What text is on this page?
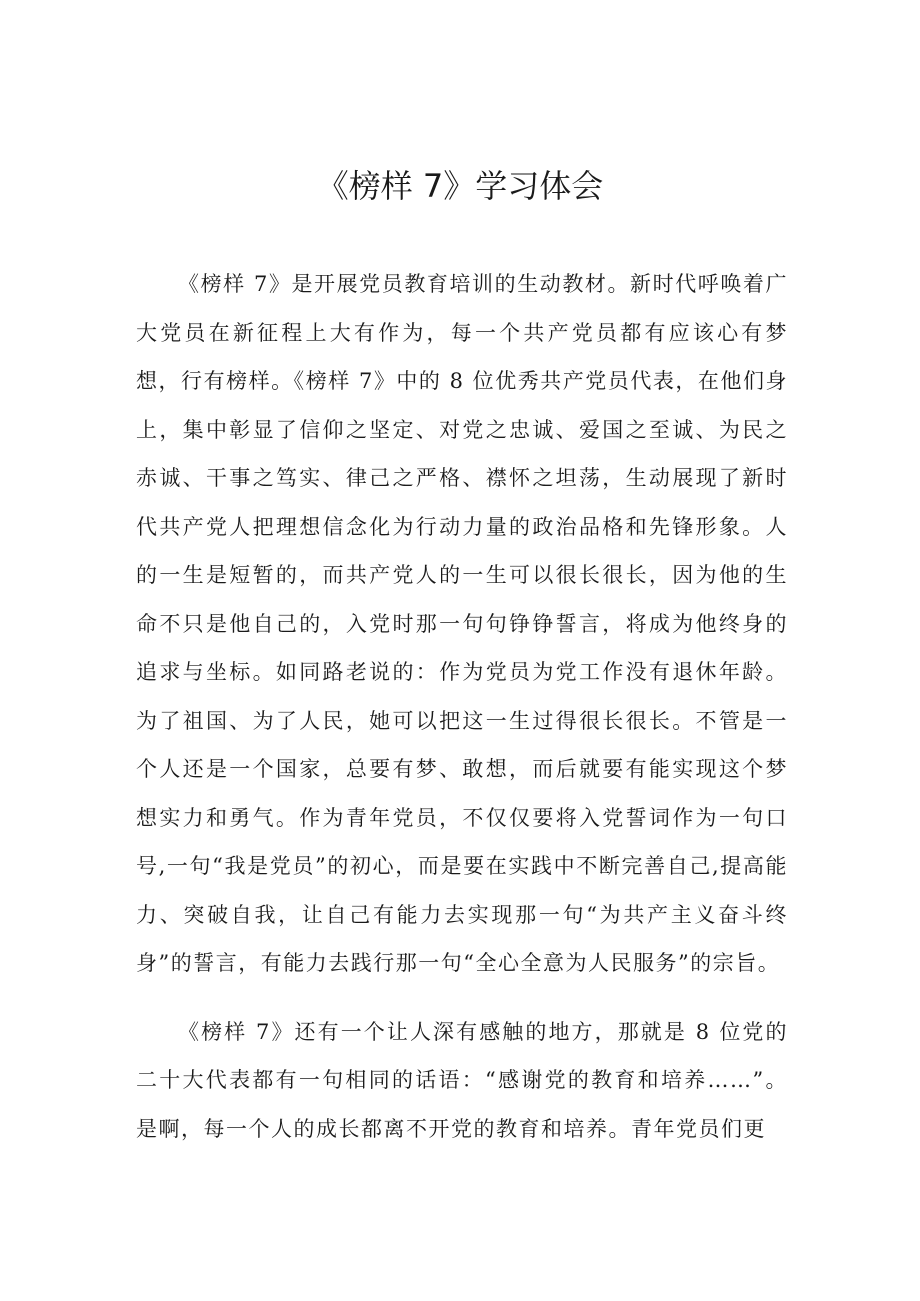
《榜样 7》学习体会

《榜样 7》是开展党员教育培训的生动教材。新时代呼唤着广大党员在新征程上大有作为，每一个共产党员都有应该心有梦想，行有榜样。《榜样 7》中的 8 位优秀共产党员代表，在他们身上，集中彰显了信仰之坚定、对党之忠诚、爱国之至诚、为民之赤诚、干事之笃实、律己之严格、襟怀之坦荡，生动展现了新时代共产党人把理想信念化为行动力量的政治品格和先锋形象。人的一生是短暂的，而共产党人的一生可以很长很长，因为他的生命不只是他自己的，入党时那一句句铮铮誓言，将成为他终身的追求与坐标。如同路老说的：作为党员为党工作没有退休年龄。为了祖国、为了人民，她可以把这一生过得很长很长。不管是一个人还是一个国家，总要有梦、敢想，而后就要有能实现这个梦想实力和勇气。作为青年党员，不仅仅要将入党誓词作为一句口号,一句“我是党员”的初心，而是要在实践中不断完善自己,提高能力、突破自我，让自己有能力去实现那一句“为共产主义奋斗终身”的誓言，有能力去践行那一句“全心全意为人民服务”的宗旨。

《榜样 7》还有一个让人深有感触的地方，那就是 8 位党的二十大代表都有一句相同的话语：“感谢党的教育和培养……”。是啊，每一个人的成长都离不开党的教育和培养。青年党员们更
